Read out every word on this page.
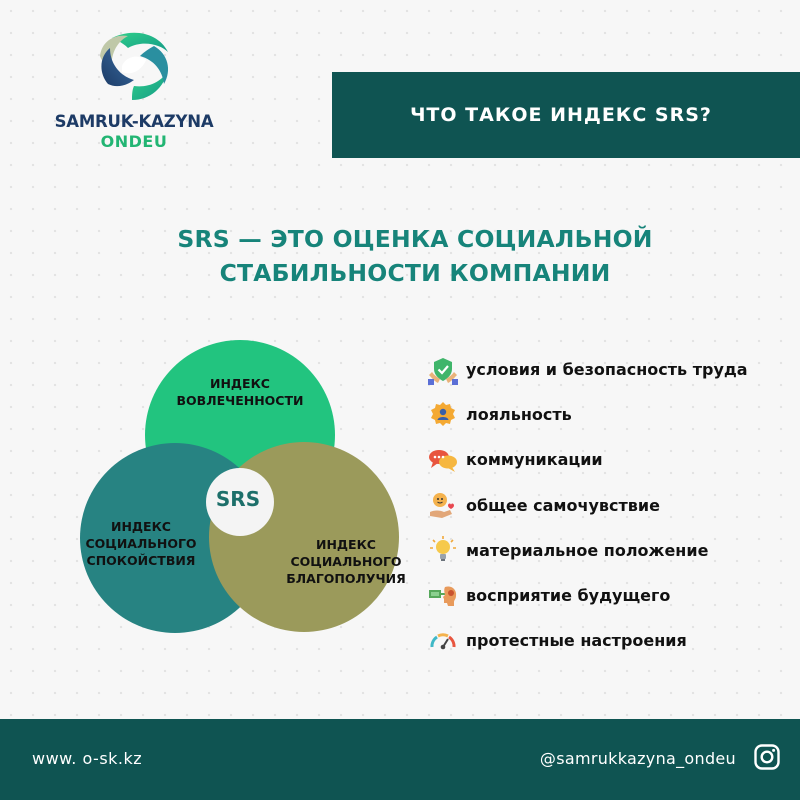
SAMRUK-KAZYNA
ONDEU
ЧТО ТАКОЕ ИНДЕКС SRS?
SRS — ЭТО ОЦЕНКА СОЦИАЛЬНОЙ
СТАБИЛЬНОСТИ КОМПАНИИ
ИНДЕКС
ВОВЛЕЧЕННОСТИ
ИНДЕКС
СОЦИАЛЬНОГО
СПОКОЙСТВИЯ
ИНДЕКС
СОЦИАЛЬНОГО
БЛАГОПОЛУЧИЯ
SRS
условия и безопасность труда
лояльность
коммуникации
общее самочувствие
материальное положение
восприятие будущего
протестные настроения
www. o-sk.kz	@samrukkazyna_ondeu
